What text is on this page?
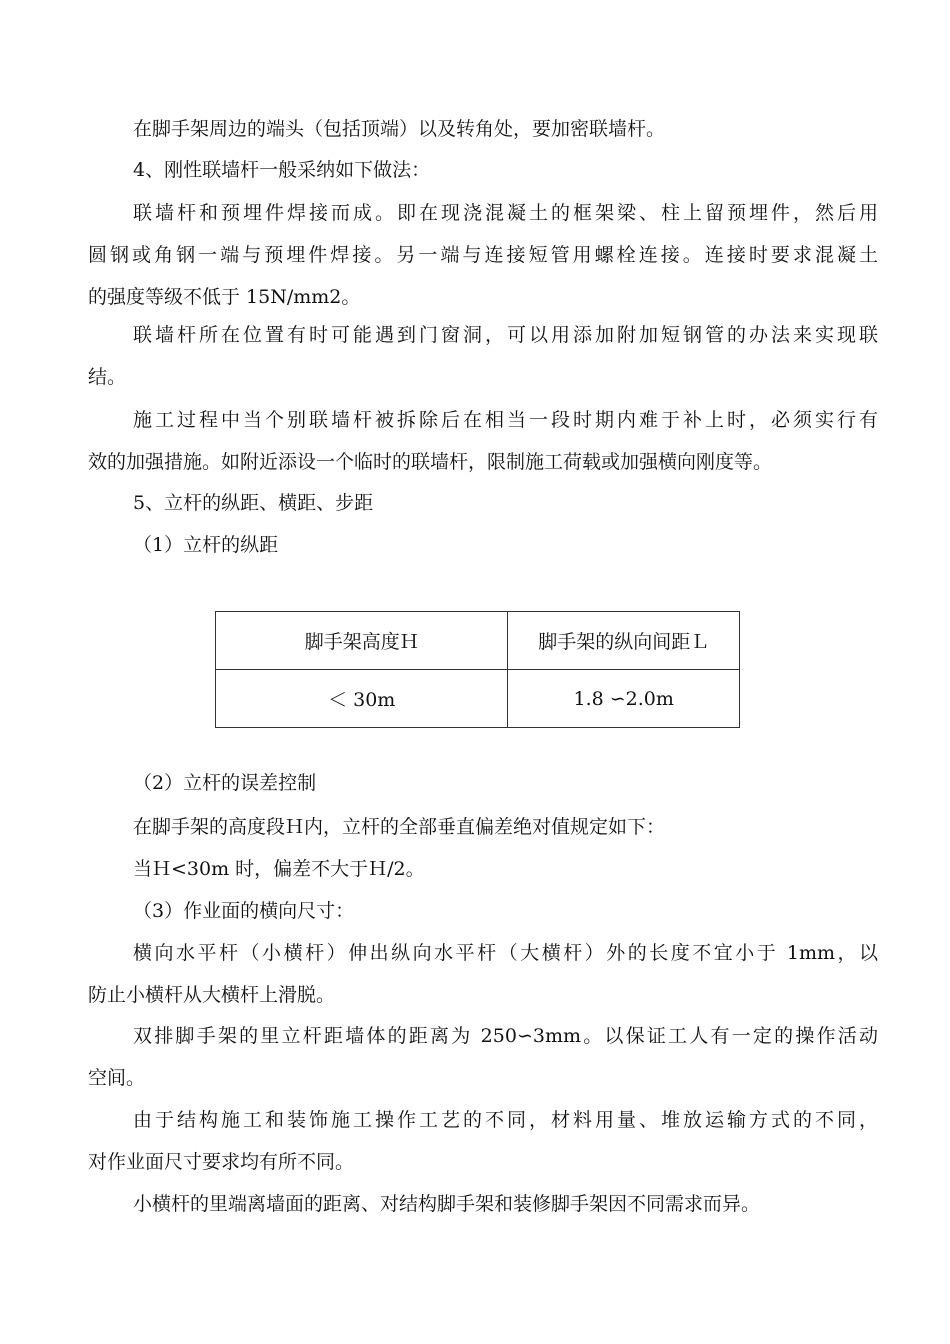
在脚手架周边的端头（包括顶端）以及转角处，要加密联墙杆。
4、刚性联墙杆一般采纳如下做法：
联墙杆和预埋件焊接而成。即在现浇混凝土的框架梁、柱上留预埋件，然后用
圆钢或角钢一端与预埋件焊接。另一端与连接短管用螺栓连接。连接时要求混凝土
的强度等级不低于 15N/mm2。
联墙杆所在位置有时可能遇到门窗洞，可以用添加附加短钢管的办法来实现联
结。
施工过程中当个别联墙杆被拆除后在相当一段时期内难于补上时，必须实行有
效的加强措施。如附近添设一个临时的联墙杆，限制施工荷载或加强横向刚度等。
5、立杆的纵距、横距、步距
（1）立杆的纵距
脚手架高度Ｈ	脚手架的纵向间距Ｌ
＜ 30m	1.8 ∽2.0m
（2）立杆的误差控制
在脚手架的高度段Ｈ内，立杆的全部垂直偏差绝对值规定如下：
当Ｈ<30m 时，偏差不大于Ｈ/2。
（3）作业面的横向尺寸：
横向水平杆（小横杆）伸出纵向水平杆（大横杆）外的长度不宜小于 1mm，以
防止小横杆从大横杆上滑脱。
双排脚手架的里立杆距墙体的距离为 250∽3mm。以保证工人有一定的操作活动
空间。
由于结构施工和装饰施工操作工艺的不同，材料用量、堆放运输方式的不同，
对作业面尺寸要求均有所不同。
小横杆的里端离墙面的距离、对结构脚手架和装修脚手架因不同需求而异。
